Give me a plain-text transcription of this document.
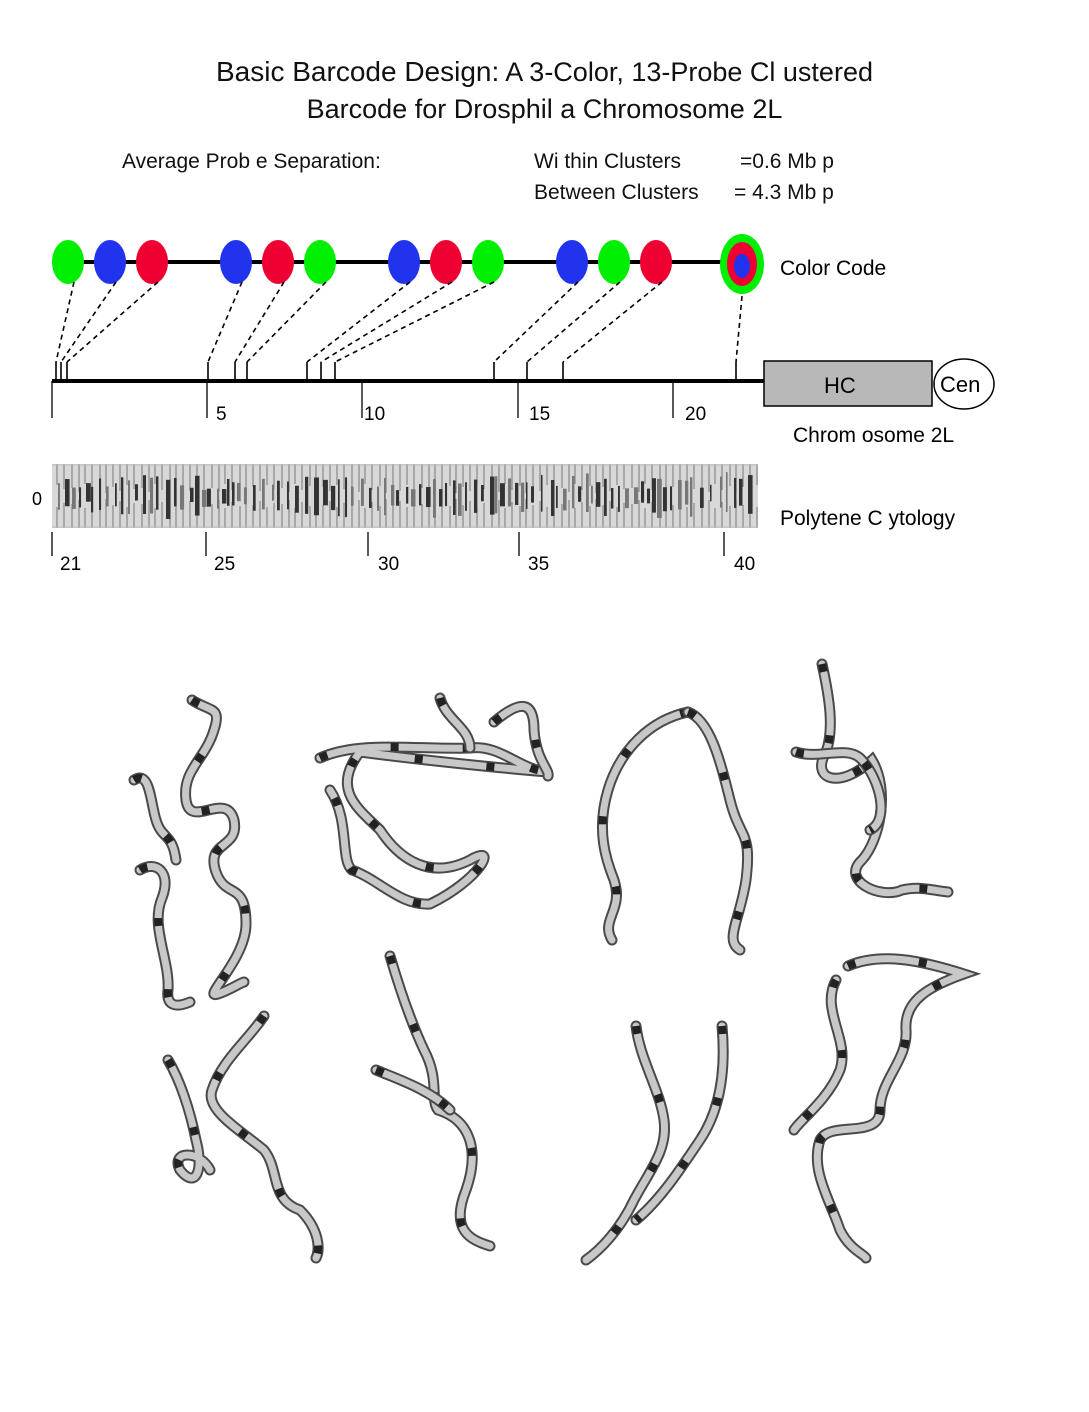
Basic Barcode Design: A 3-Color, 13-Probe Cl ustered
Barcode for Drosphil a Chromosome 2L
Average Prob e Separation:	Wi thin Clusters	=0.6 Mb p
Between Clusters = 4.3 Mb p
Color Code
HC	Cen
Chrom osome 2L
5	10	15	20
0
Polytene C ytology
21	25	30	35	40
